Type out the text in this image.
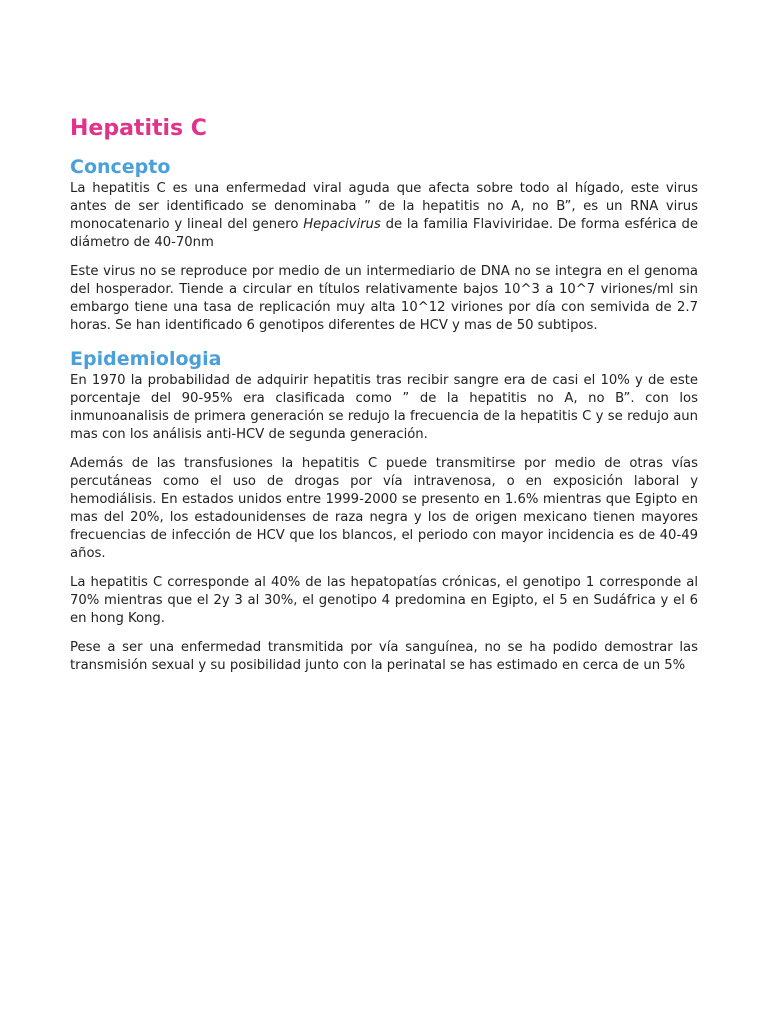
Hepatitis C
Concepto

La hepatitis C es una enfermedad viral aguda que afecta sobre todo al hígado, este virus antes de ser identificado se denominaba ” de la hepatitis no A, no B”, es un RNA virus monocatenario y lineal del genero Hepacivirus de la familia Flaviviridae. De forma esférica de diámetro de 40-70nm

Este virus no se reproduce por medio de un intermediario de DNA no se integra en el genoma del hosperador. Tiende a circular en títulos relativamente bajos 10^3 a 10^7 viriones/ml sin embargo tiene una tasa de replicación muy alta 10^12 viriones por día con semivida de 2.7 horas. Se han identificado 6 genotipos diferentes de HCV y mas de 50 subtipos.

Epidemiologia

En 1970 la probabilidad de adquirir hepatitis tras recibir sangre era de casi el 10% y de este porcentaje del 90-95% era clasificada como ” de la hepatitis no A, no B”. con los inmunoanalisis de primera generación se redujo la frecuencia de la hepatitis C y se redujo aun mas con los análisis anti-HCV de segunda generación.

Además de las transfusiones la hepatitis C puede transmitirse por medio de otras vías percutáneas como el uso de drogas por vía intravenosa, o en exposición laboral y hemodiálisis. En estados unidos entre 1999-2000 se presento en 1.6% mientras que Egipto en mas del 20%, los estadounidenses de raza negra y los de origen mexicano tienen mayores frecuencias de infección de HCV que los blancos, el periodo con mayor incidencia es de 40-49 años.

La hepatitis C corresponde al 40% de las hepatopatías crónicas, el genotipo 1 corresponde al 70% mientras que el 2y 3 al 30%, el genotipo 4 predomina en Egipto, el 5 en Sudáfrica y el 6 en hong Kong.

Pese a ser una enfermedad transmitida por vía sanguínea, no se ha podido demostrar las transmisión sexual y su posibilidad junto con la perinatal se has estimado en cerca de un 5%
